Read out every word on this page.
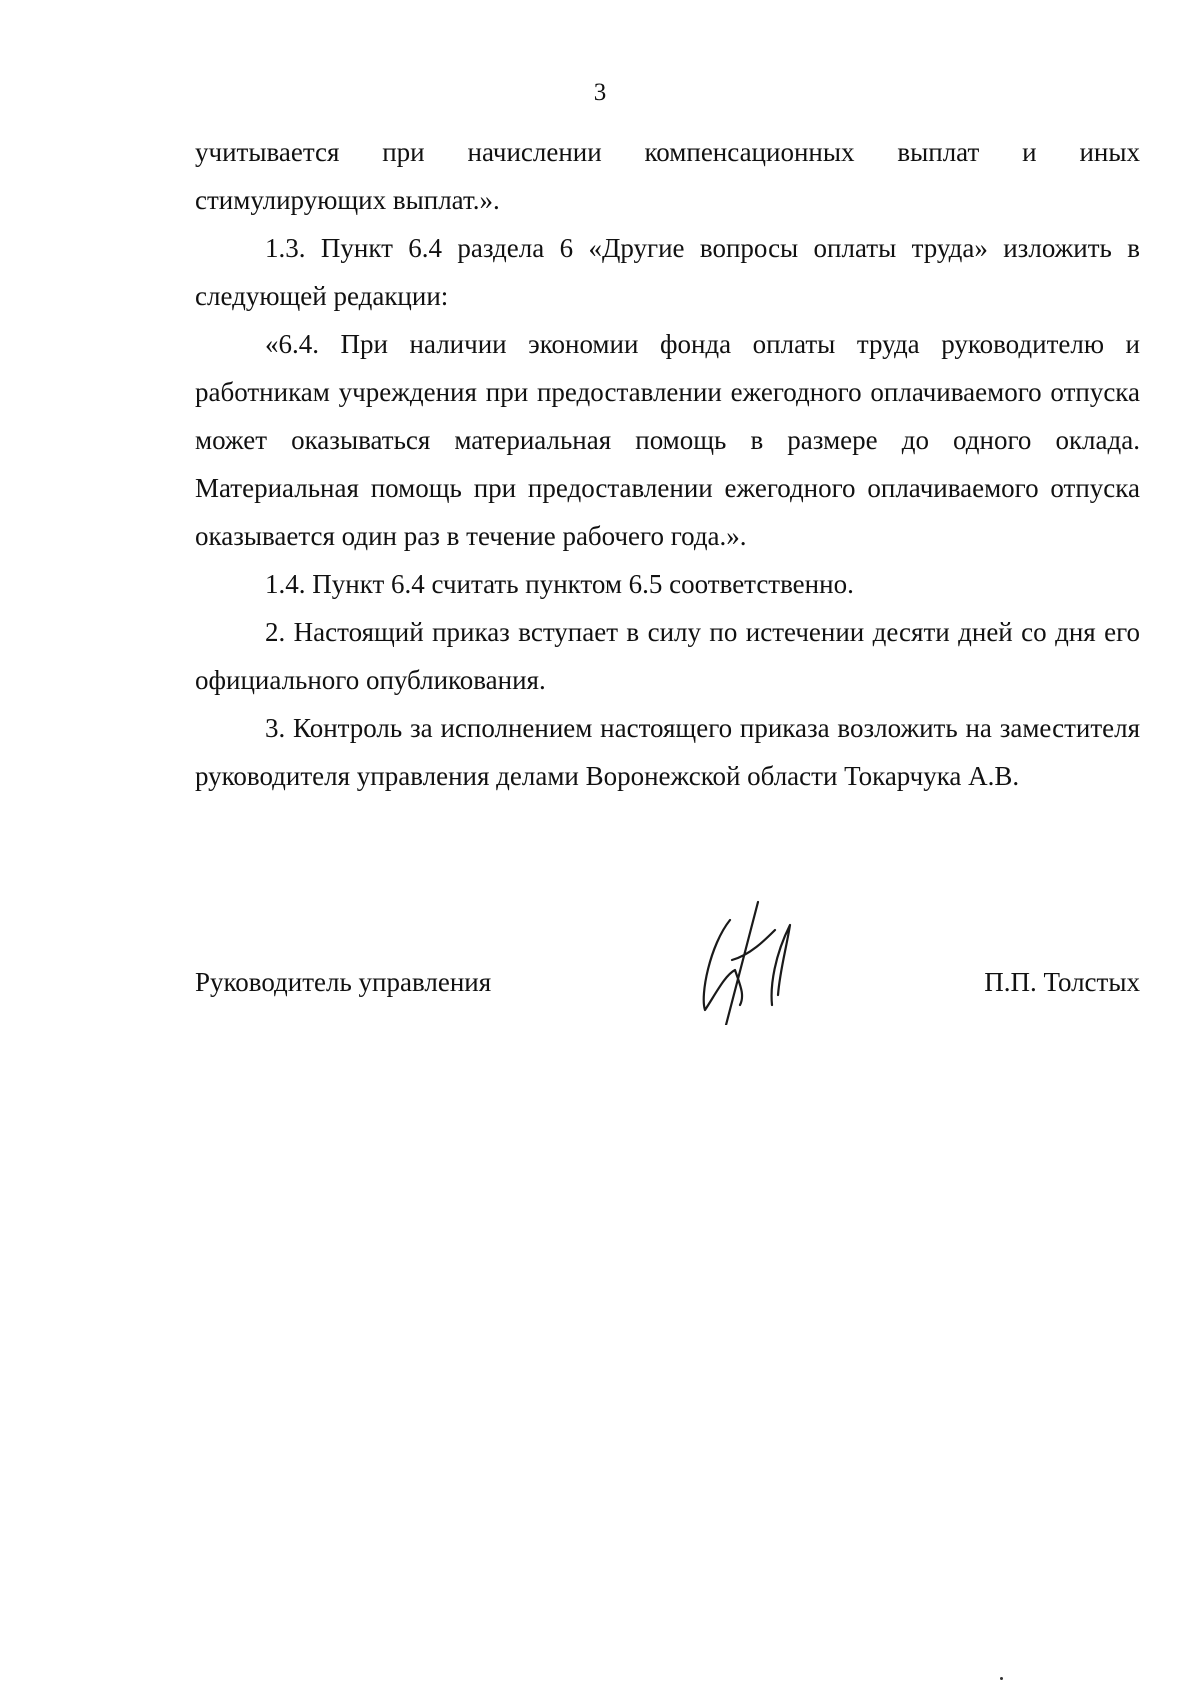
3

учитывается при начислении компенсационных выплат и иных

стимулирующих выплат.».

1.3. Пункт 6.4 раздела 6 «Другие вопросы оплаты труда» изложить в следующей редакции:

«6.4. При наличии экономии фонда оплаты труда руководителю и работникам учреждения при предоставлении ежегодного оплачиваемого отпуска может оказываться материальная помощь в размере до одного оклада. Материальная помощь при предоставлении ежегодного оплачиваемого отпуска оказывается один раз в течение рабочего года.».

1.4. Пункт 6.4 считать пунктом 6.5 соответственно.

2. Настоящий приказ вступает в силу по истечении десяти дней со дня его официального опубликования.

3. Контроль за исполнением настоящего приказа возложить на заместителя руководителя управления делами Воронежской области Токарчука А.В.

Руководитель управления	П.П. Толстых
